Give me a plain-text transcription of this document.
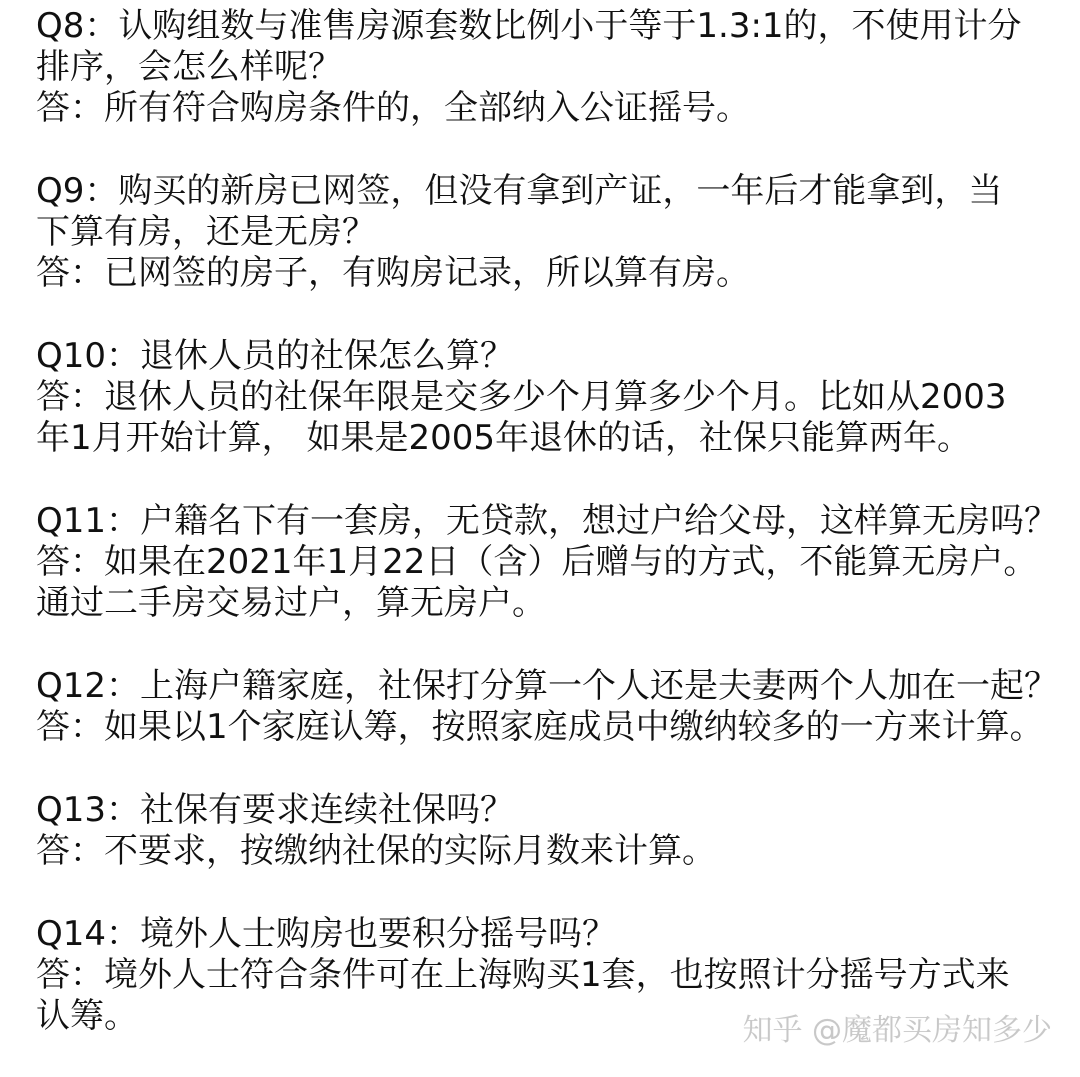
Q8：认购组数与准售房源套数比例小于等于1.3:1的，不使用计分
排序，会怎么样呢？
答：所有符合购房条件的，全部纳入公证摇号。
Q9：购买的新房已网签，但没有拿到产证，一年后才能拿到，当
下算有房，还是无房？
答：已网签的房子，有购房记录，所以算有房。
Q10：退休人员的社保怎么算？
答：退休人员的社保年限是交多少个月算多少个月。比如从2003
年1月开始计算， 如果是2005年退休的话，社保只能算两年。
Q11：户籍名下有一套房，无贷款，想过户给父母，这样算无房吗？
答：如果在2021年1月22日（含）后赠与的方式，不能算无房户。
通过二手房交易过户，算无房户。
Q12：上海户籍家庭，社保打分算一个人还是夫妻两个人加在一起？
答：如果以1个家庭认筹，按照家庭成员中缴纳较多的一方来计算。
Q13：社保有要求连续社保吗？
答：不要求，按缴纳社保的实际月数来计算。
Q14：境外人士购房也要积分摇号吗？
答：境外人士符合条件可在上海购买1套，也按照计分摇号方式来
认筹。	知乎 @魔都买房知多少
